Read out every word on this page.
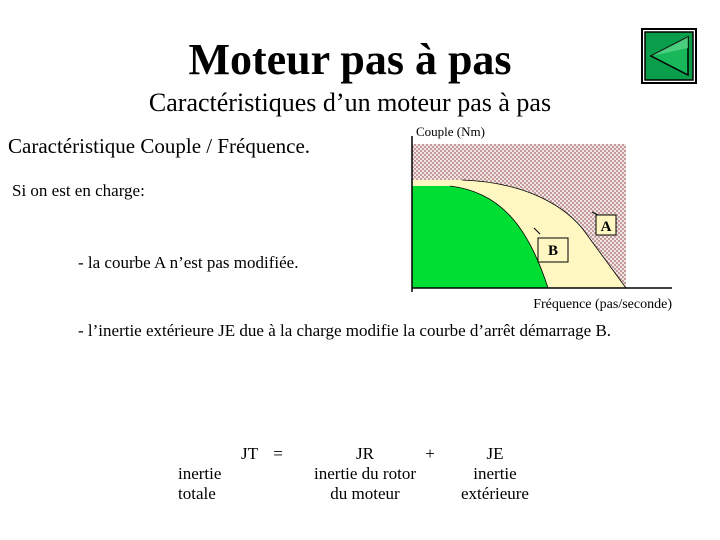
Moteur pas à pas
Caractéristiques d’un moteur pas à pas
Caractéristique Couple / Fréquence.
Si on est en charge:
- la courbe A n’est pas modifiée.
- l’inertie extérieure JE due à la charge modifie la courbe d’arrêt démarrage B.
Couple (Nm)
Fréquence (pas/seconde)
A
B
JT
inertie
totale
=	JR
inertie du rotor
du moteur
+	JE
inertie
extérieure
